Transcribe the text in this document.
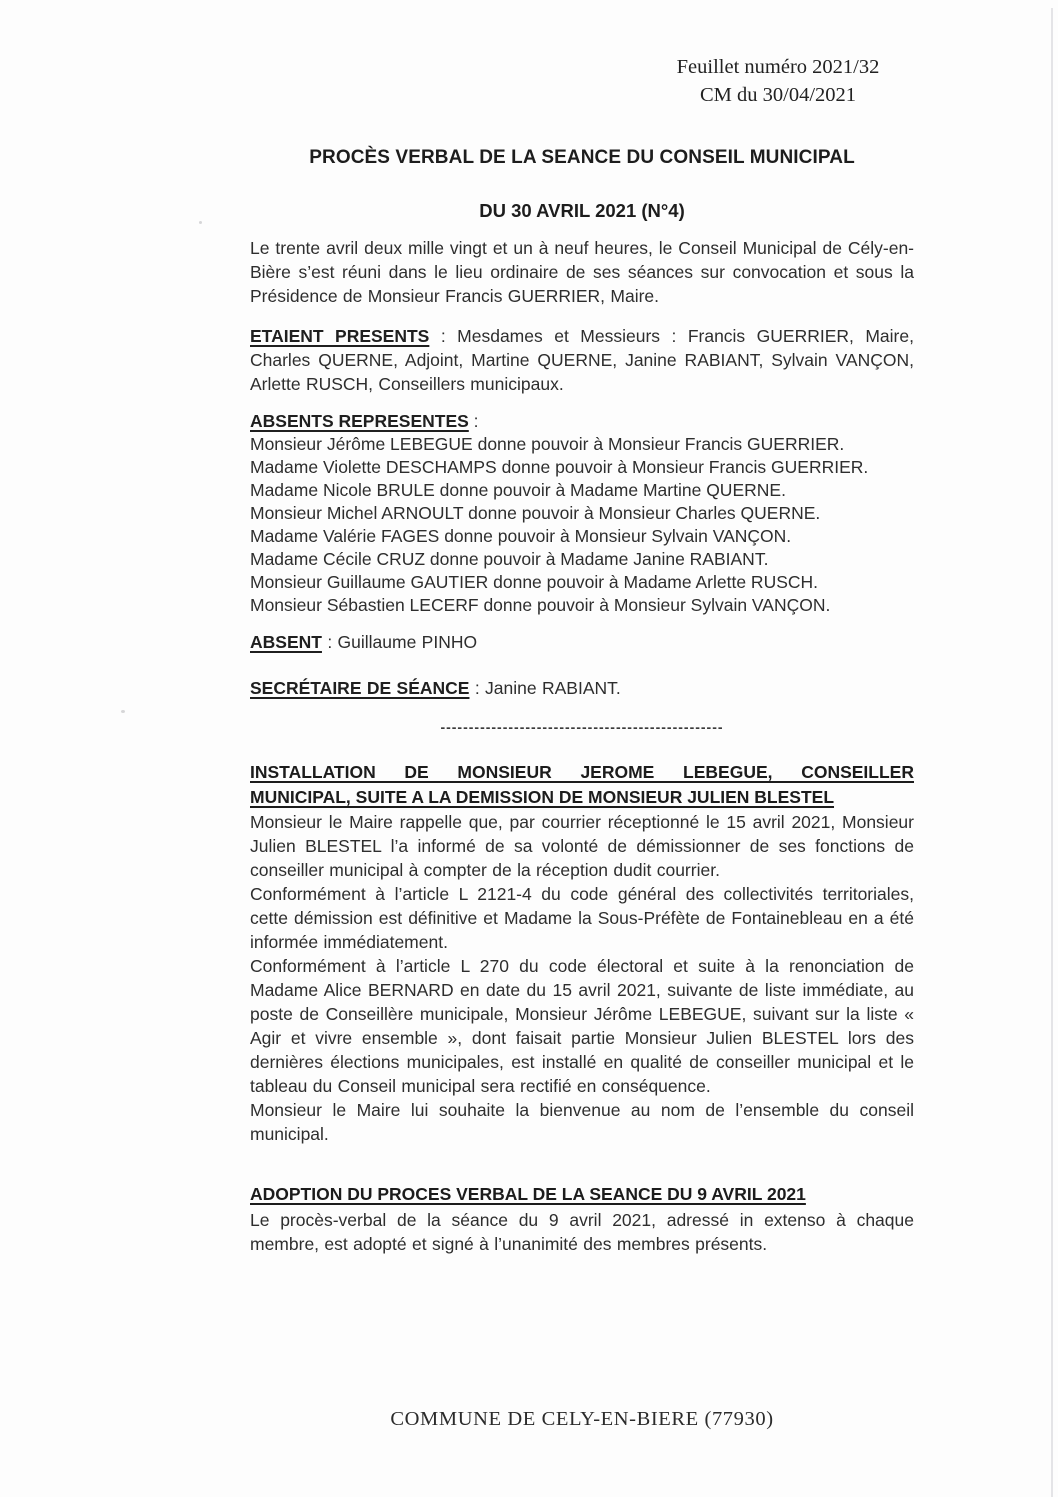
Feuillet numéro 2021/32
CM du 30/04/2021
PROCÈS VERBAL DE LA SEANCE DU CONSEIL MUNICIPAL
DU 30 AVRIL 2021 (N°4)

Le trente avril deux mille vingt et un à neuf heures, le Conseil Municipal de Cély-en-Bière s’est réuni dans le lieu ordinaire de ses séances sur convocation et sous la Présidence de Monsieur Francis GUERRIER, Maire.

ETAIENT PRESENTS : Mesdames et Messieurs : Francis GUERRIER, Maire, Charles QUERNE, Adjoint, Martine QUERNE, Janine RABIANT, Sylvain VANÇON, Arlette RUSCH, Conseillers municipaux.

ABSENTS REPRESENTES :
Monsieur Jérôme LEBEGUE donne pouvoir à Monsieur Francis GUERRIER.
Madame Violette DESCHAMPS donne pouvoir à Monsieur Francis GUERRIER.
Madame Nicole BRULE donne pouvoir à Madame Martine QUERNE.
Monsieur Michel ARNOULT donne pouvoir à Monsieur Charles QUERNE.
Madame Valérie FAGES donne pouvoir à Monsieur Sylvain VANÇON.
Madame Cécile CRUZ donne pouvoir à Madame Janine RABIANT.
Monsieur Guillaume GAUTIER donne pouvoir à Madame Arlette RUSCH.
Monsieur Sébastien LECERF donne pouvoir à Monsieur Sylvain VANÇON.

ABSENT : Guillaume PINHO

SECRÉTAIRE DE SÉANCE : Janine RABIANT.

--------------------------------------------------
INSTALLATION DE MONSIEUR JEROME LEBEGUE, CONSEILLER
MUNICIPAL, SUITE A LA DEMISSION DE MONSIEUR JULIEN BLESTEL

Monsieur le Maire rappelle que, par courrier réceptionné le 15 avril 2021, Monsieur Julien BLESTEL l’a informé de sa volonté de démissionner de ses fonctions de conseiller municipal à compter de la réception dudit courrier.

Conformément à l’article L 2121-4 du code général des collectivités territoriales, cette démission est définitive et Madame la Sous-Préfète de Fontainebleau en a été informée immédiatement.

Conformément à l’article L 270 du code électoral et suite à la renonciation de Madame Alice BERNARD en date du 15 avril 2021, suivante de liste immédiate, au poste de Conseillère municipale, Monsieur Jérôme LEBEGUE, suivant sur la liste « Agir et vivre ensemble », dont faisait partie Monsieur Julien BLESTEL lors des dernières élections municipales, est installé en qualité de conseiller municipal et le tableau du Conseil municipal sera rectifié en conséquence.

Monsieur le Maire lui souhaite la bienvenue au nom de l’ensemble du conseil municipal.

ADOPTION DU PROCES VERBAL DE LA SEANCE DU 9 AVRIL 2021

Le procès-verbal de la séance du 9 avril 2021, adressé in extenso à chaque membre, est adopté et signé à l’unanimité des membres présents.

COMMUNE DE CELY-EN-BIERE (77930)
